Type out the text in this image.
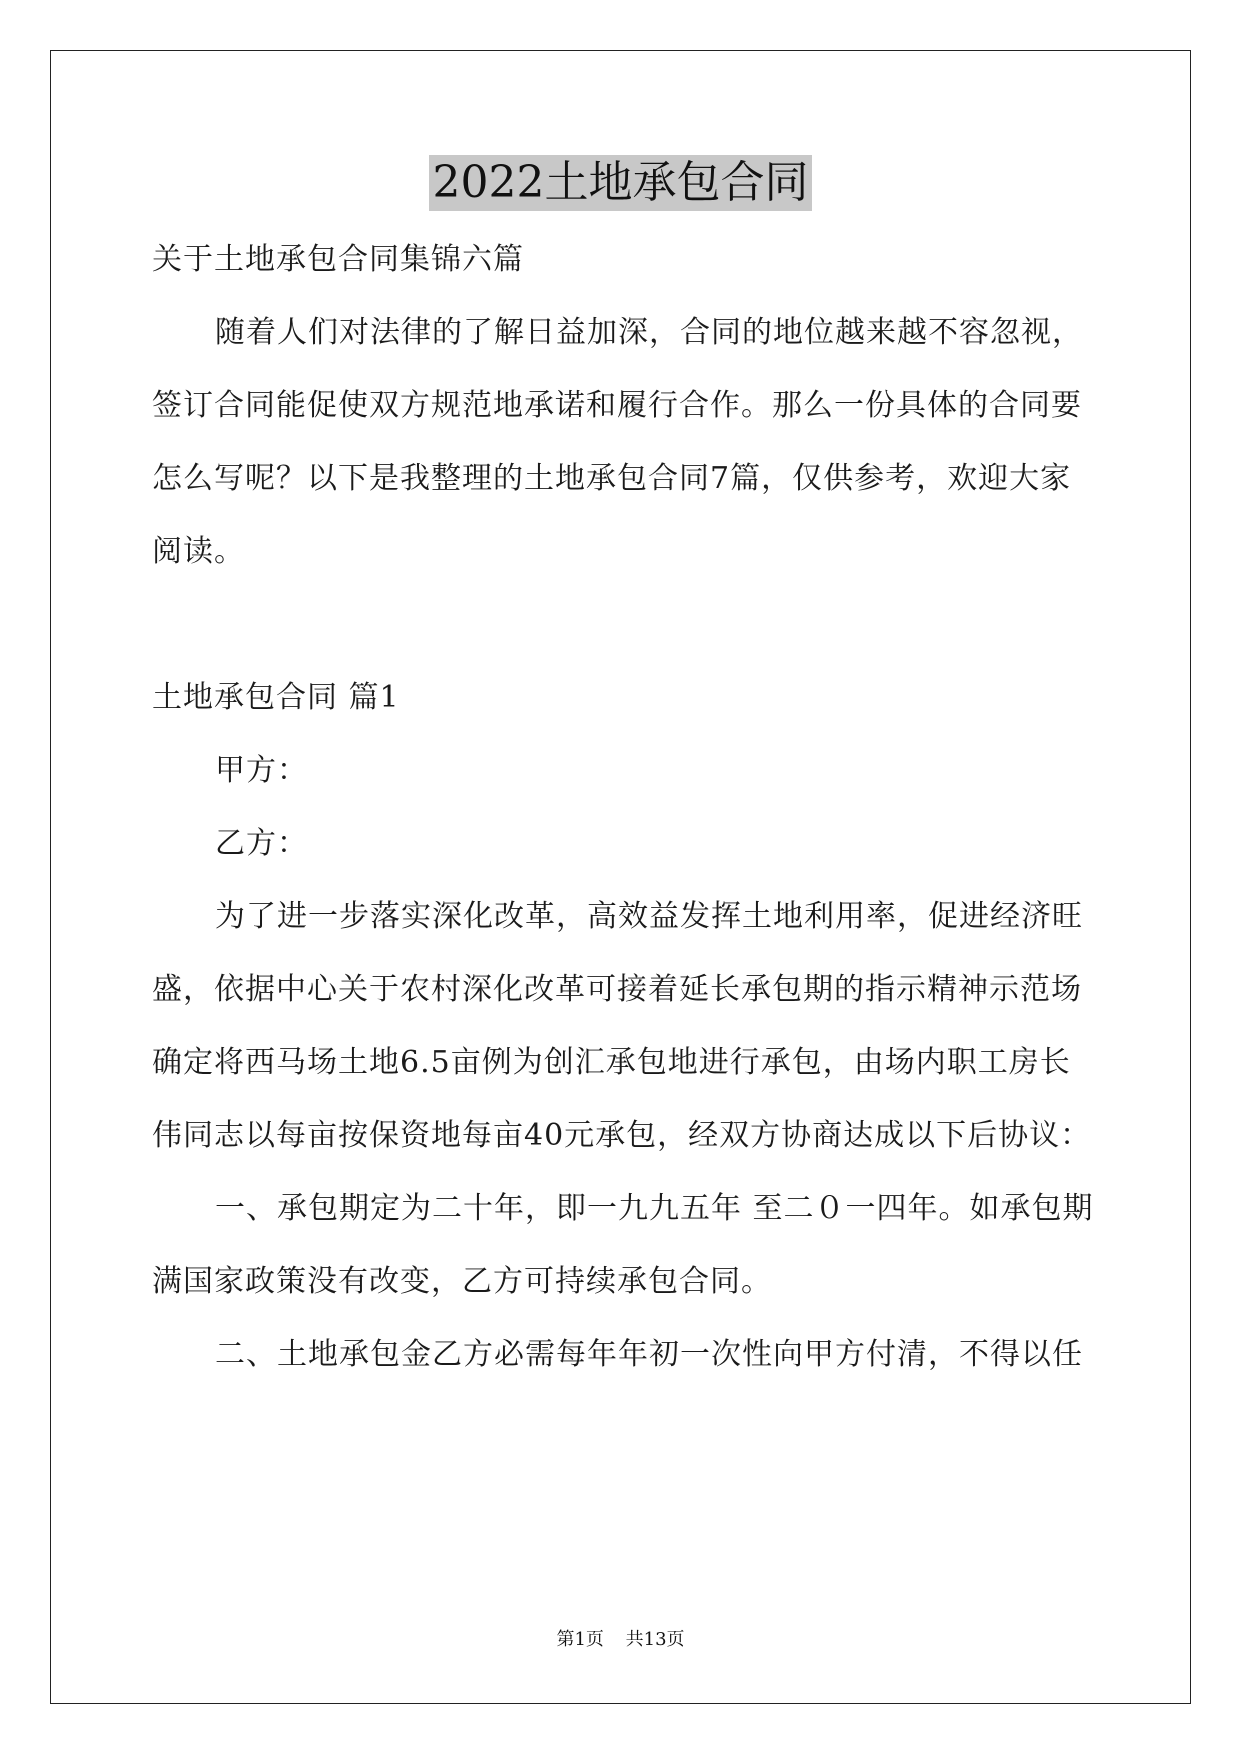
2022土地承包合同
关于土地承包合同集锦六篇
随着人们对法律的了解日益加深，合同的地位越来越不容忽视，
签订合同能促使双方规范地承诺和履行合作。那么一份具体的合同要
怎么写呢？以下是我整理的土地承包合同7篇，仅供参考，欢迎大家
阅读。
土地承包合同 篇1
甲方：
乙方：
为了进一步落实深化改革，高效益发挥土地利用率，促进经济旺
盛，依据中心关于农村深化改革可接着延长承包期的指示精神示范场
确定将西马场土地6.5亩例为创汇承包地进行承包，由场内职工房长
伟同志以每亩按保资地每亩40元承包，经双方协商达成以下后协议：
一、承包期定为二十年，即一九九五年 至二０一四年。如承包期
满国家政策没有改变，乙方可持续承包合同。
二、土地承包金乙方必需每年年初一次性向甲方付清，不得以任
第1页 共13页
